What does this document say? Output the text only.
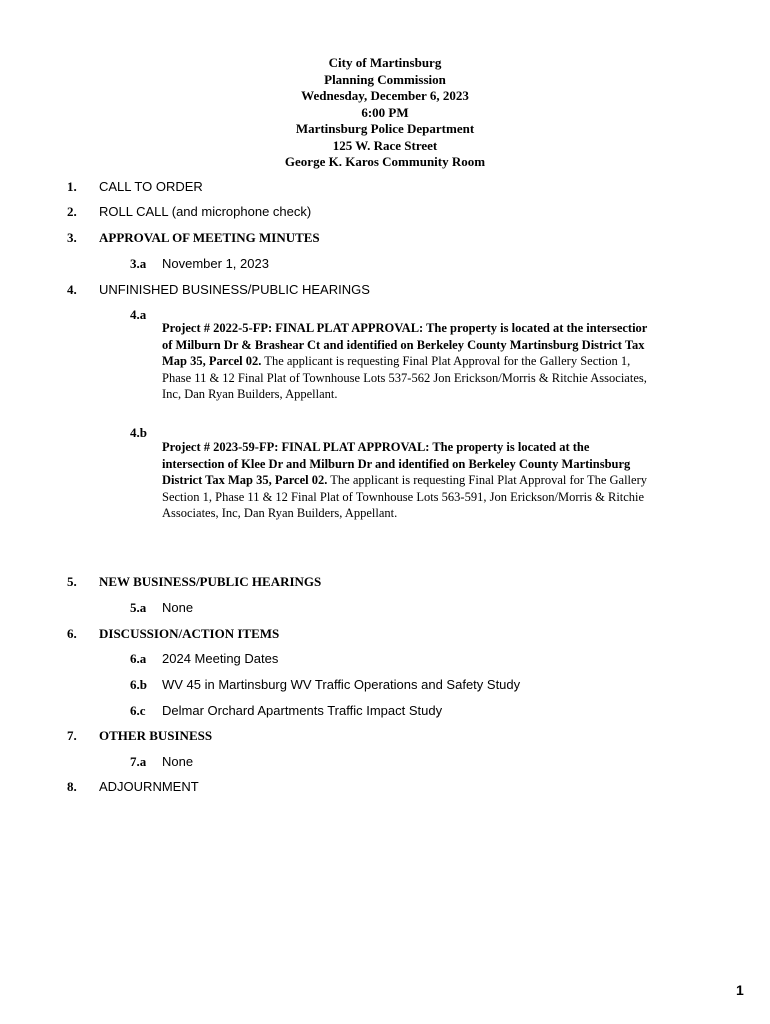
City of Martinsburg
Planning Commission
Wednesday, December 6, 2023
6:00 PM
Martinsburg Police Department
125 W. Race Street
George K. Karos Community Room
1. CALL TO ORDER
2. ROLL CALL (and microphone check)
3. APPROVAL OF MEETING MINUTES
3.a November 1, 2023
4. UNFINISHED BUSINESS/PUBLIC HEARINGS
4.a
Project # 2022-5-FP: FINAL PLAT APPROVAL: The property is located at the intersectior
of Milburn Dr & Brashear Ct and identified on Berkeley County Martinsburg District Tax
Map 35, Parcel 02. The applicant is requesting Final Plat Approval for the Gallery Section 1,
Phase 11 & 12 Final Plat of Townhouse Lots 537-562 Jon Erickson/Morris & Ritchie Associates,
Inc, Dan Ryan Builders, Appellant.
4.b
Project # 2023-59-FP: FINAL PLAT APPROVAL: The property is located at the
intersection of Klee Dr and Milburn Dr and identified on Berkeley County Martinsburg
District Tax Map 35, Parcel 02. The applicant is requesting Final Plat Approval for The Gallery
Section 1, Phase 11 & 12 Final Plat of Townhouse Lots 563-591, Jon Erickson/Morris & Ritchie
Associates, Inc, Dan Ryan Builders, Appellant.
5. NEW BUSINESS/PUBLIC HEARINGS
5.a None
6. DISCUSSION/ACTION ITEMS
6.a 2024 Meeting Dates
6.b WV 45 in Martinsburg WV Traffic Operations and Safety Study
6.c Delmar Orchard Apartments Traffic Impact Study
7. OTHER BUSINESS
7.a None
8. ADJOURNMENT
1
